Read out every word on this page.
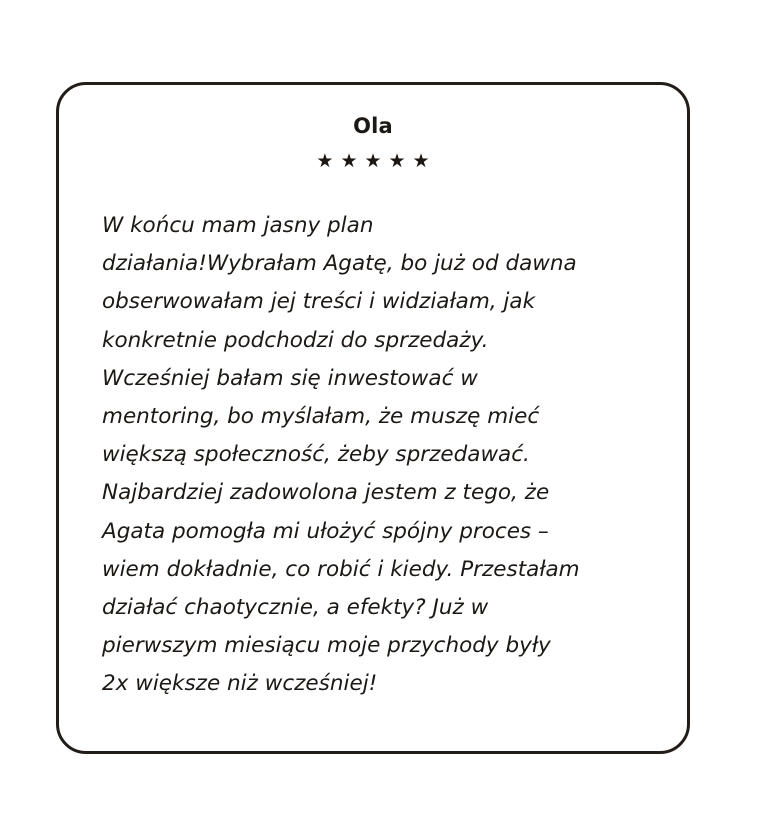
Ola
★★★★★

W końcu mam jasny plan
działania!Wybrałam Agatę, bo już od dawna
obserwowałam jej treści i widziałam, jak
konkretnie podchodzi do sprzedaży.
Wcześniej bałam się inwestować w
mentoring, bo myślałam, że muszę mieć
większą społeczność, żeby sprzedawać.
Najbardziej zadowolona jestem z tego, że
Agata pomogła mi ułożyć spójny proces –
wiem dokładnie, co robić i kiedy. Przestałam
działać chaotycznie, a efekty? Już w
pierwszym miesiącu moje przychody były
2x większe niż wcześniej!
